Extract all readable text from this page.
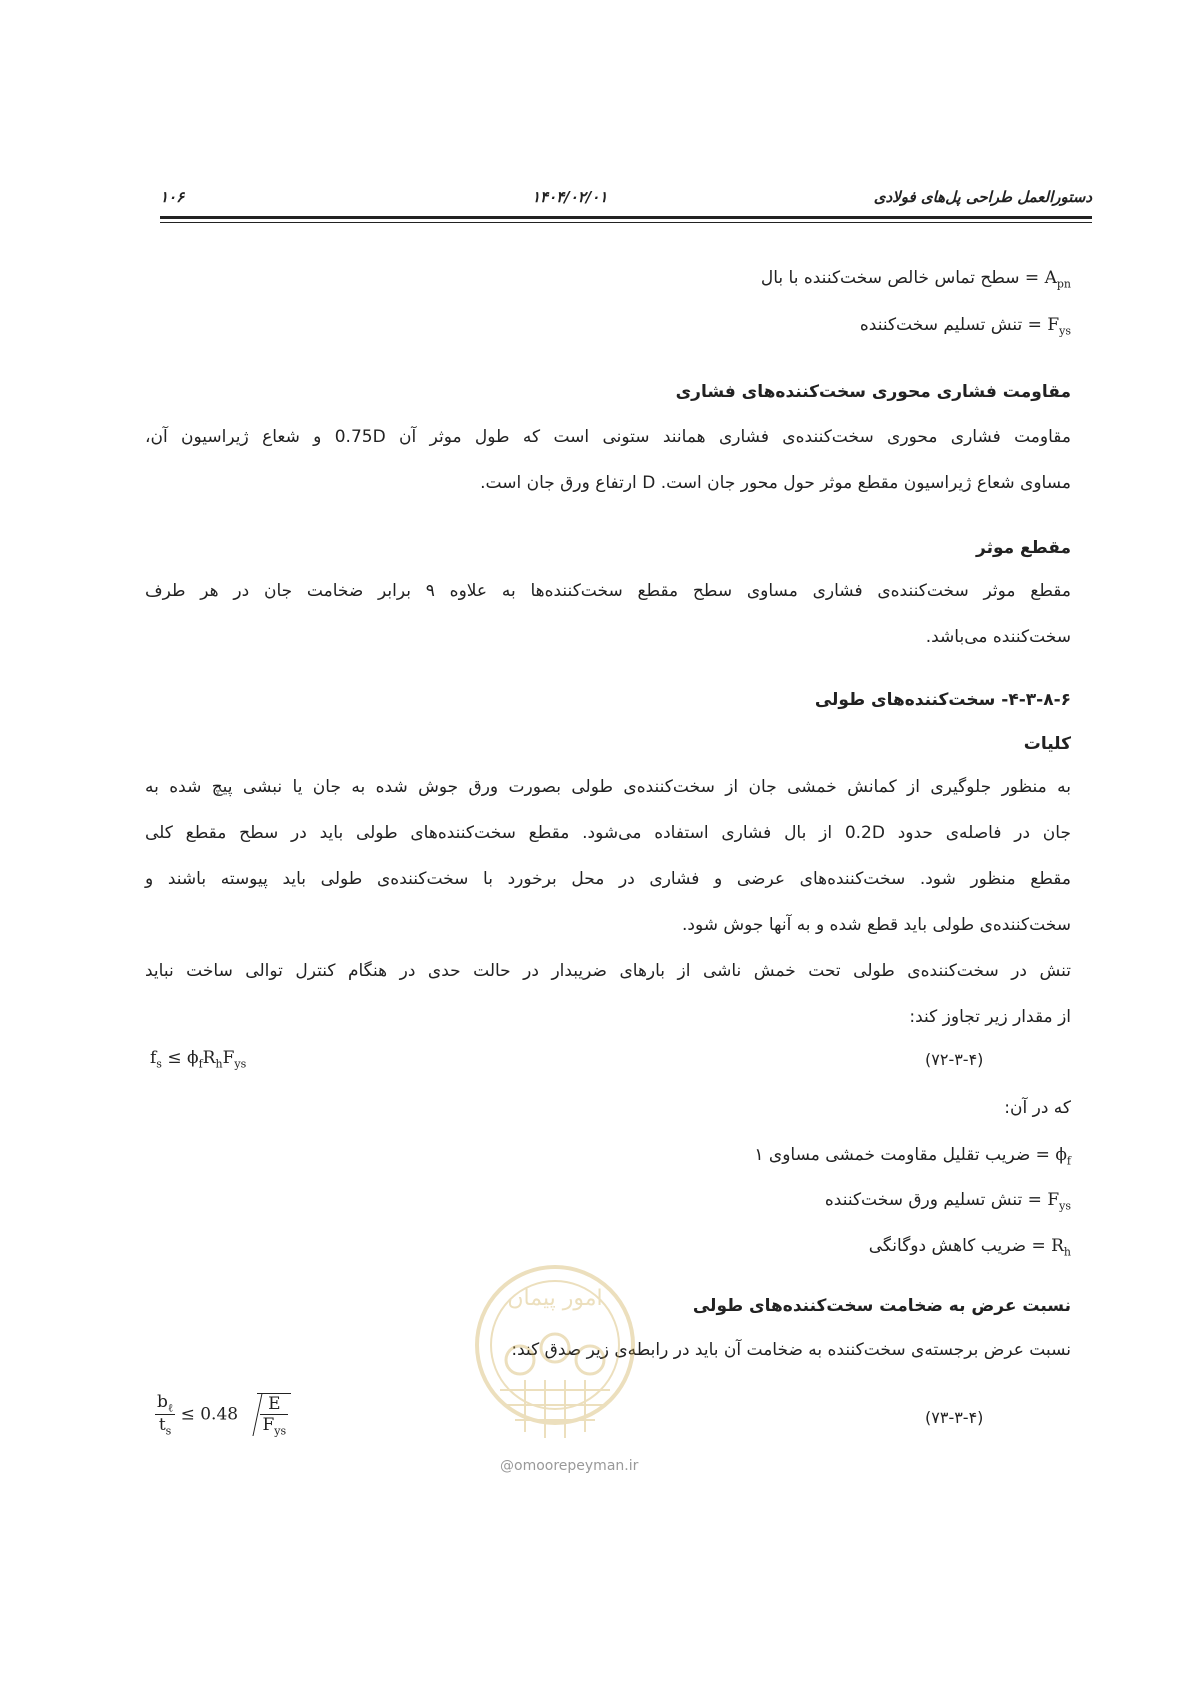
دستورالعمل طراحی پل‌های فولادی
۱۴۰۴/۰۲/۰۱
۱۰۶
$A_{pn}$ = سطح تماس خالص سخت‌کننده با بال
$F_{ys}$ = تنش تسلیم سخت‌کننده
مقاومت فشاری محوری سخت‌کننده‌های فشاری
مقاومت فشاری محوری سخت‌کننده‌ی فشاری همانند ستونی است که طول موثر آن 0.75D و شعاع ژیراسیون آن،
مساوی شعاع ژیراسیون مقطع موثر حول محور جان است. D ارتفاع ورق جان است.
مقطع موثر
مقطع موثر سخت‌کننده‌ی فشاری مساوی سطح مقطع سخت‌کننده‌ها به علاوه ۹ برابر ضخامت جان در هر طرف
سخت‌کننده می‌باشد.
۴-۳-۸-۶- سخت‌کننده‌های طولی
کلیات
به منظور جلوگیری از کمانش خمشی جان از سخت‌کننده‌ی طولی بصورت ورق جوش شده به جان یا نبشی پیچ شده به
جان در فاصله‌ی حدود 0.2D از بال فشاری استفاده می‌شود. مقطع سخت‌کننده‌های طولی باید در سطح مقطع کلی
مقطع منظور شود. سخت‌کننده‌های عرضی و فشاری در محل برخورد با سخت‌کننده‌ی طولی باید پیوسته باشند و
سخت‌کننده‌ی طولی باید قطع شده و به آنها جوش شود.
تنش در سخت‌کننده‌ی طولی تحت خمش ناشی از بارهای ضریبدار در حالت حدی در هنگام کنترل توالی ساخت نباید
از مقدار زیر تجاوز کند:
$f_s \le \phi_fR_hF_{ys}$	(۷۲-۳-۴)
که در آن:
$\phi_f$ = ضریب تقلیل مقاومت خمشی مساوی ۱
$F_{ys}$ = تنش تسلیم ورق سخت‌کننده
$R_h$ = ضریب کاهش دوگانگی
نسبت عرض به ضخامت سخت‌کننده‌های طولی
نسبت عرض برجسته‌ی سخت‌کننده به ضخامت آن باید در رابطه‌ی زیر صدق کند:
$\frac{b_\ell}{t_s} \le 0.48 \frac{E}{F_{ys}}$	(۷۳-۳-۴)
امور پیمان
@omoorepeyman.ir
